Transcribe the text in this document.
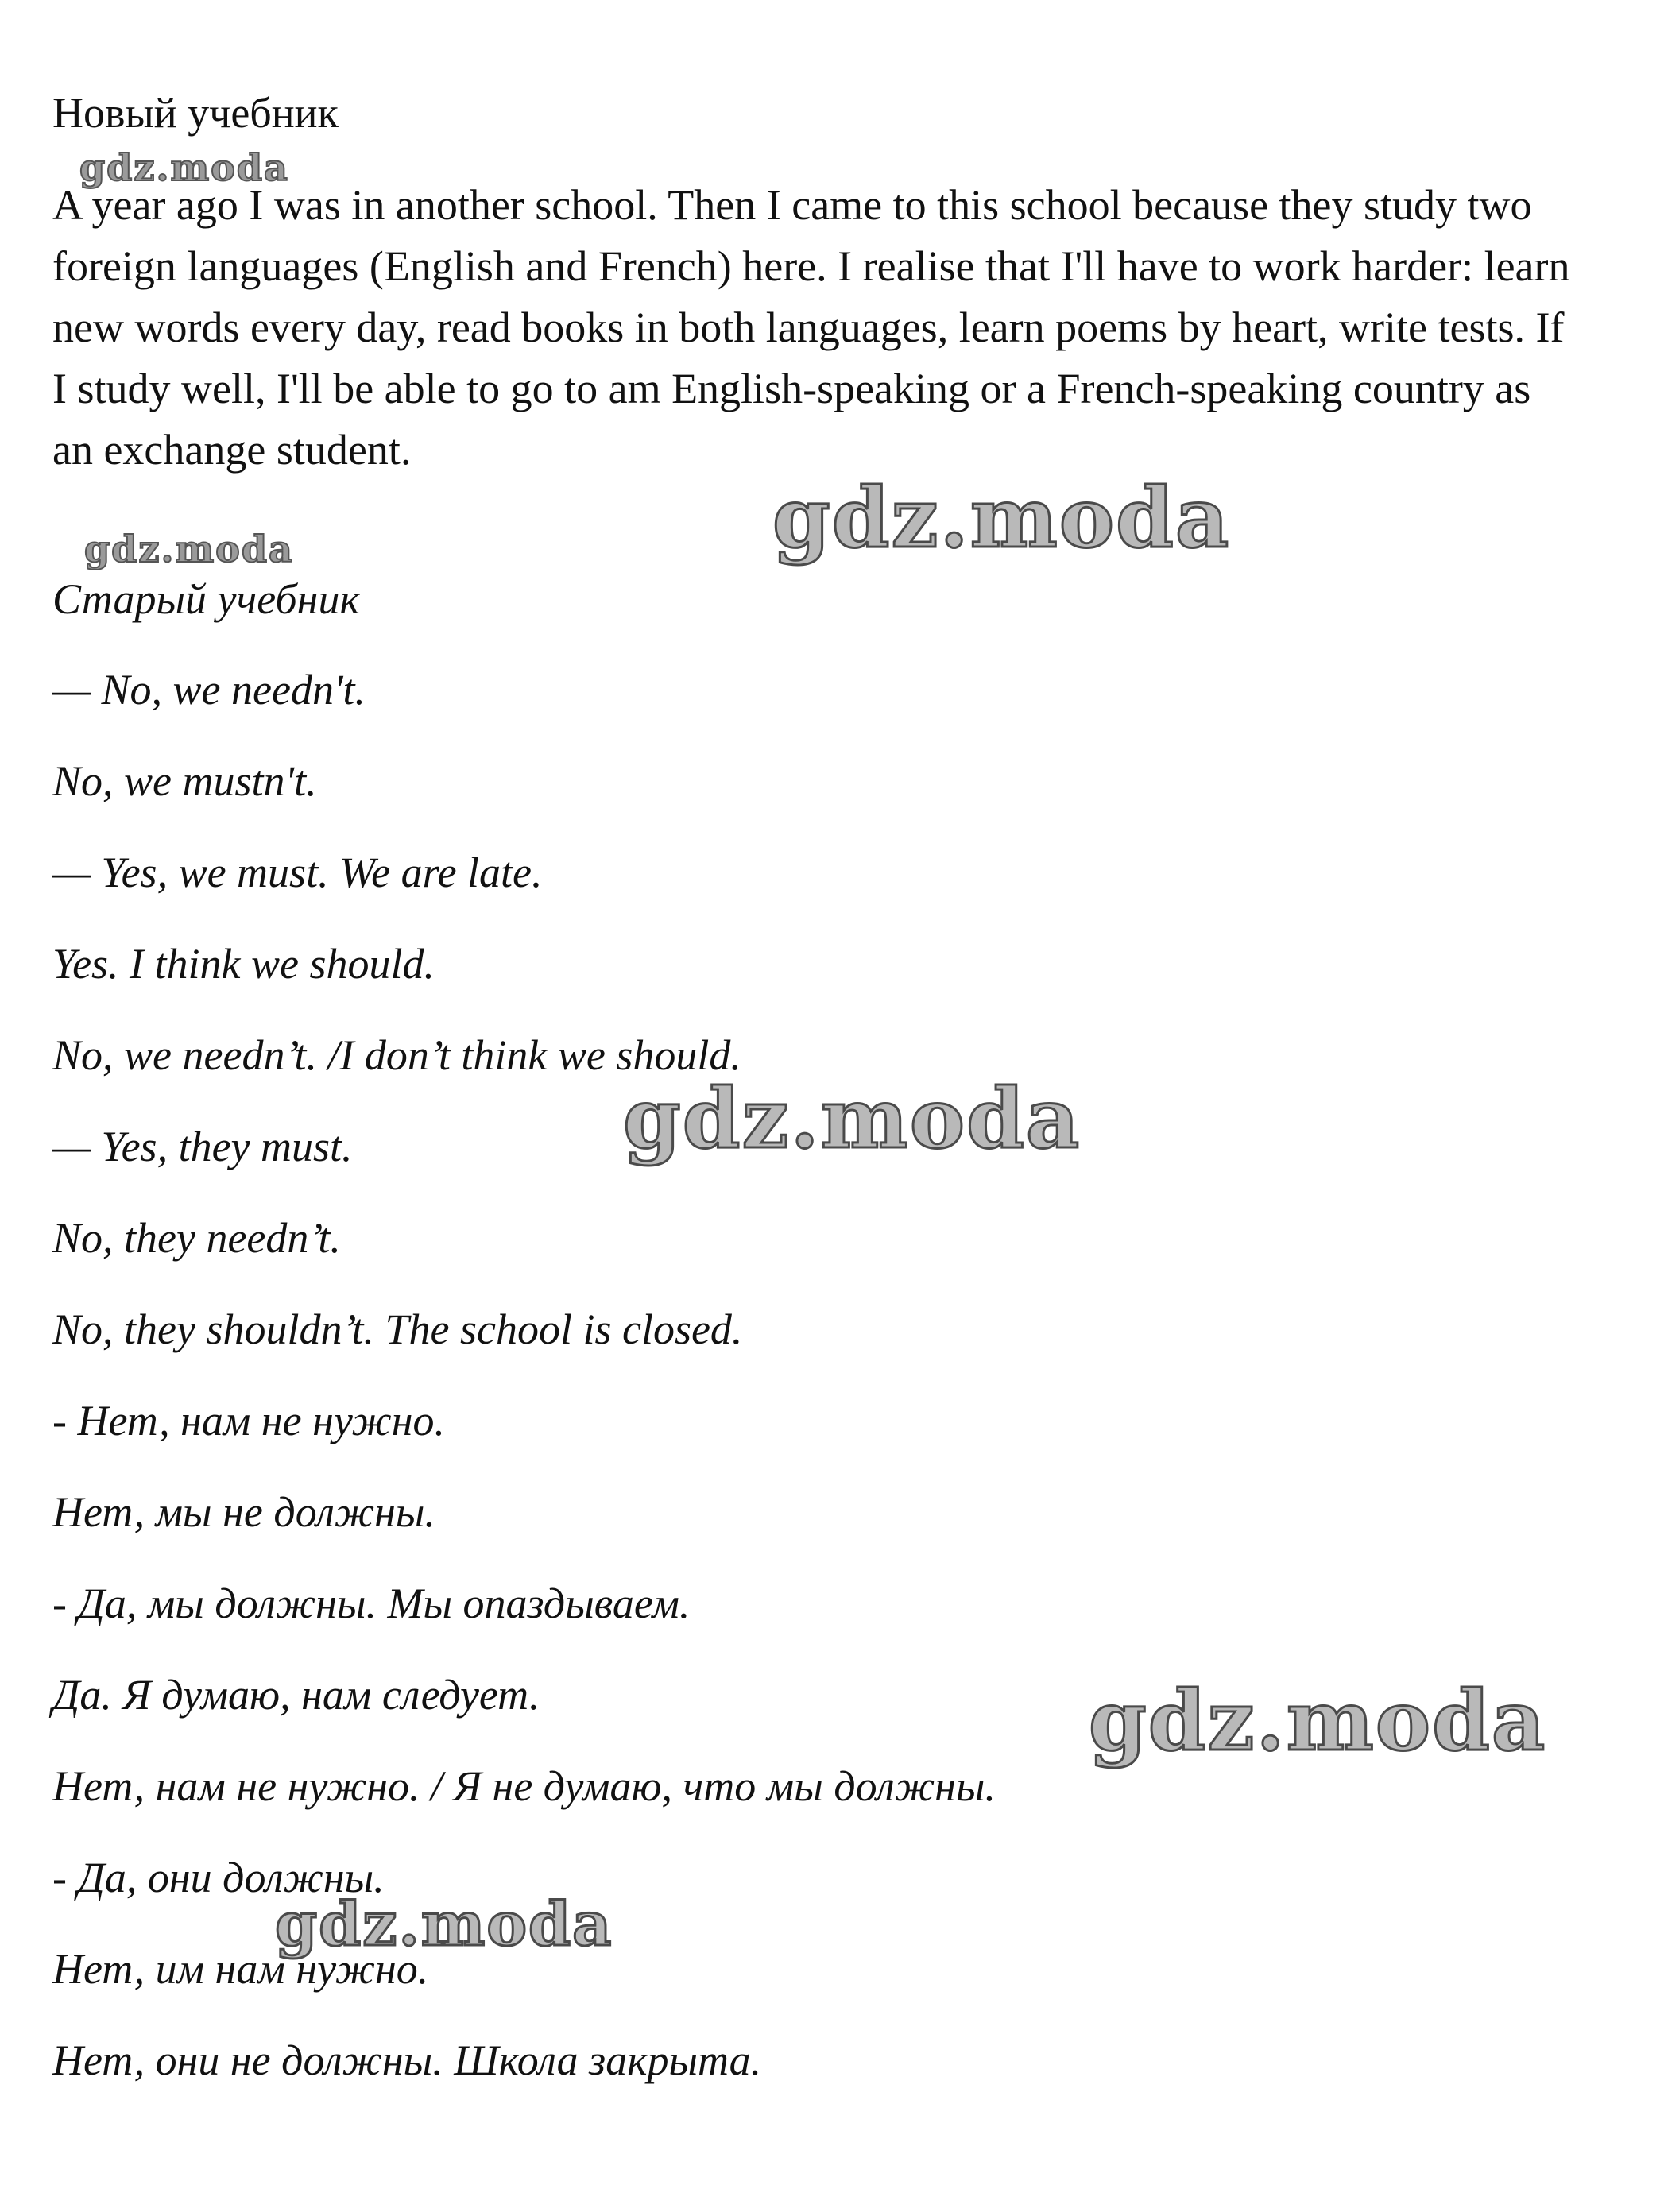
Новый учебник
gdz.moda

A year ago I was in another school. Then I came to this school because they study two foreign languages (English and French) here. I realise that I'll have to work harder: learn new words every day, read books in both languages, learn poems by heart, write tests. If I study well, I'll be able to go to am English-speaking or a French-speaking country as an exchange student.

gdz.moda
gdz.moda
Старый учебник
— No, we needn't.
No, we mustn't.
— Yes, we must. We are late.
Yes. I think we should.
No, we needn’t. /I don’t think we should.
— Yes, they must.
No, they needn’t.
No, they shouldn’t. The school is closed.
- Нет, нам не нужно.
Нет, мы не должны.
- Да, мы должны. Мы опаздываем.
Да. Я думаю, нам следует.
Нет, нам не нужно. / Я не думаю, что мы должны.
- Да, они должны.
Нет, им нам нужно.
Нет, они не должны. Школа закрыта.
gdz.moda
gdz.moda
gdz.moda
